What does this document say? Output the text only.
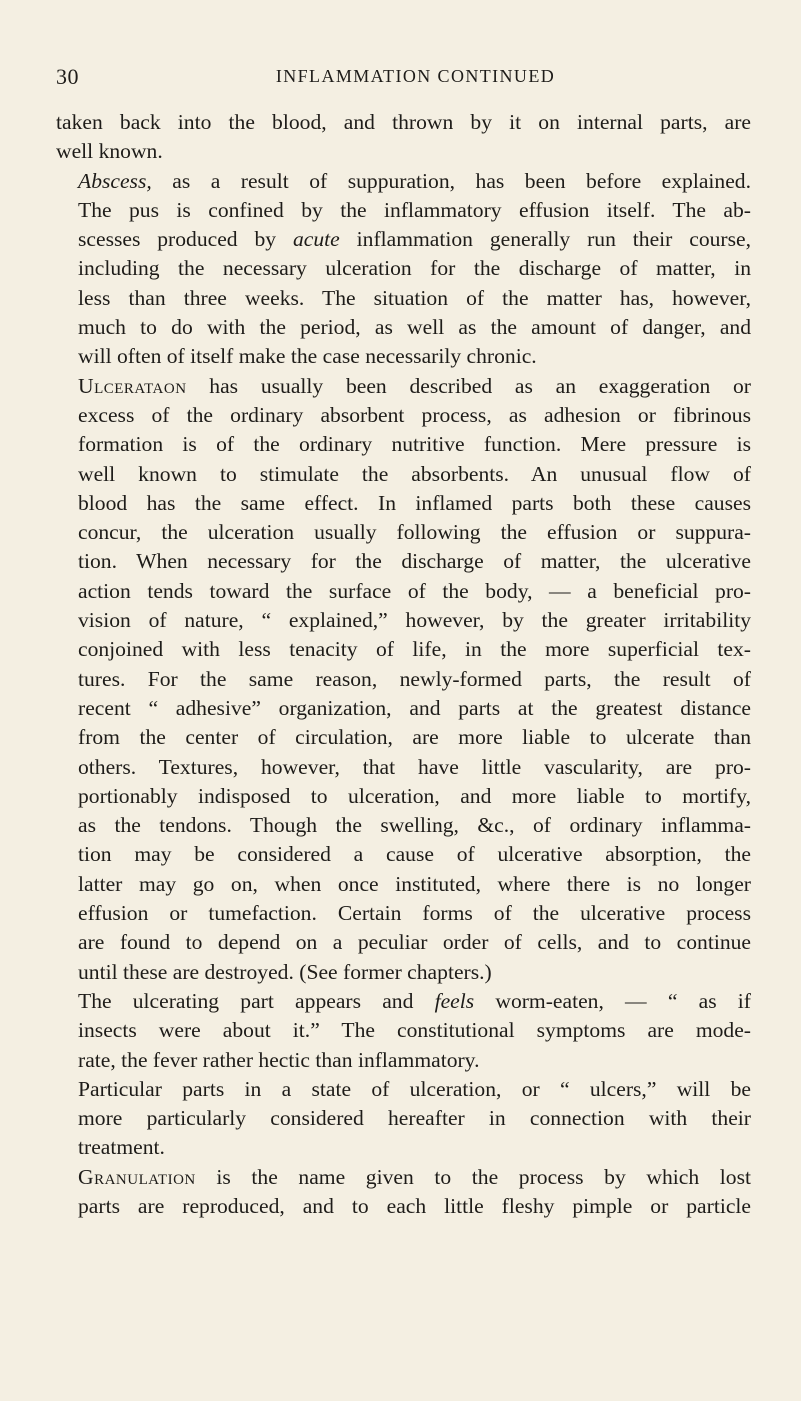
30	INFLAMMATION CONTINUED

taken back into the blood, and thrown by it on internal parts, are
well known.

Abscess, as a result of suppuration, has been before explained.
The pus is confined by the inflammatory effusion itself. The ab-
scesses produced by acute inflammation generally run their course,
including the necessary ulceration for the discharge of matter, in
less than three weeks. The situation of the matter has, however,
much to do with the period, as well as the amount of danger, and
will often of itself make the case necessarily chronic.

Ulcerataon has usually been described as an exaggeration or
excess of the ordinary absorbent process, as adhesion or fibrinous
formation is of the ordinary nutritive function. Mere pressure is
well known to stimulate the absorbents. An unusual flow of
blood has the same effect. In inflamed parts both these causes
concur, the ulceration usually following the effusion or suppura-
tion. When necessary for the discharge of matter, the ulcerative
action tends toward the surface of the body, — a beneficial pro-
vision of nature, “ explained,” however, by the greater irritability
conjoined with less tenacity of life, in the more superficial tex-
tures. For the same reason, newly-formed parts, the result of
recent “ adhesive” organization, and parts at the greatest distance
from the center of circulation, are more liable to ulcerate than
others. Textures, however, that have little vascularity, are pro-
portionably indisposed to ulceration, and more liable to mortify,
as the tendons. Though the swelling, &c., of ordinary inflamma-
tion may be considered a cause of ulcerative absorption, the
latter may go on, when once instituted, where there is no longer
effusion or tumefaction. Certain forms of the ulcerative process
are found to depend on a peculiar order of cells, and to continue
until these are destroyed. (See former chapters.)

The ulcerating part appears and feels worm-eaten, — “ as if
insects were about it.” The constitutional symptoms are mode-
rate, the fever rather hectic than inflammatory.

Particular parts in a state of ulceration, or “ ulcers,” will be
more particularly considered hereafter in connection with their
treatment.

Granulation is the name given to the process by which lost
parts are reproduced, and to each little fleshy pimple or particle
